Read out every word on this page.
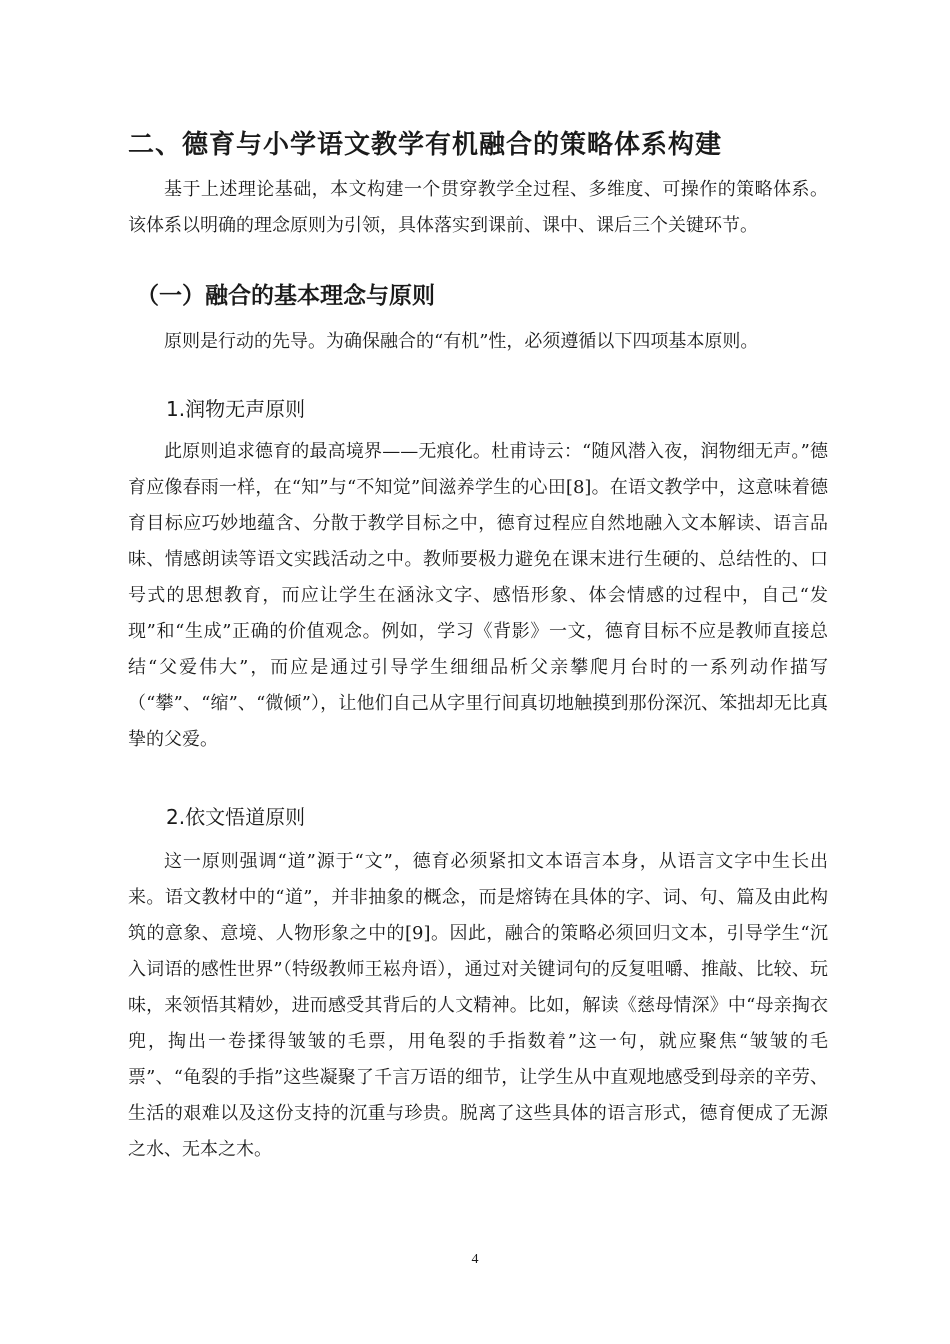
二、德育与小学语文教学有机融合的策略体系构建

基于上述理论基础，本文构建一个贯穿教学全过程、多维度、可操作的策略体系。该体系以明确的理念原则为引领，具体落实到课前、课中、课后三个关键环节。

（一）融合的基本理念与原则

原则是行动的先导。为确保融合的“有机”性，必须遵循以下四项基本原则。

1.润物无声原则

此原则追求德育的最高境界——无痕化。杜甫诗云：“随风潜入夜，润物细无声。”德育应像春雨一样，在“知”与“不知觉”间滋养学生的心田[8]。在语文教学中，这意味着德育目标应巧妙地蕴含、分散于教学目标之中，德育过程应自然地融入文本解读、语言品味、情感朗读等语文实践活动之中。教师要极力避免在课末进行生硬的、总结性的、口号式的思想教育，而应让学生在涵泳文字、感悟形象、体会情感的过程中，自己“发现”和“生成”正确的价值观念。例如，学习《背影》一文，德育目标不应是教师直接总结“父爱伟大”，而应是通过引导学生细细品析父亲攀爬月台时的一系列动作描写（“攀”、“缩”、“微倾”），让他们自己从字里行间真切地触摸到那份深沉、笨拙却无比真挚的父爱。

2.依文悟道原则

这一原则强调“道”源于“文”，德育必须紧扣文本语言本身，从语言文字中生长出来。语文教材中的“道”，并非抽象的概念，而是熔铸在具体的字、词、句、篇及由此构筑的意象、意境、人物形象之中的[9]。因此，融合的策略必须回归文本，引导学生“沉入词语的感性世界”（特级教师王崧舟语），通过对关键词句的反复咀嚼、推敲、比较、玩味，来领悟其精妙，进而感受其背后的人文精神。比如，解读《慈母情深》中“母亲掏衣兜，掏出一卷揉得皱皱的毛票，用龟裂的手指数着”这一句，就应聚焦“皱皱的毛票”、“龟裂的手指”这些凝聚了千言万语的细节，让学生从中直观地感受到母亲的辛劳、生活的艰难以及这份支持的沉重与珍贵。脱离了这些具体的语言形式，德育便成了无源之水、无本之木。

4
